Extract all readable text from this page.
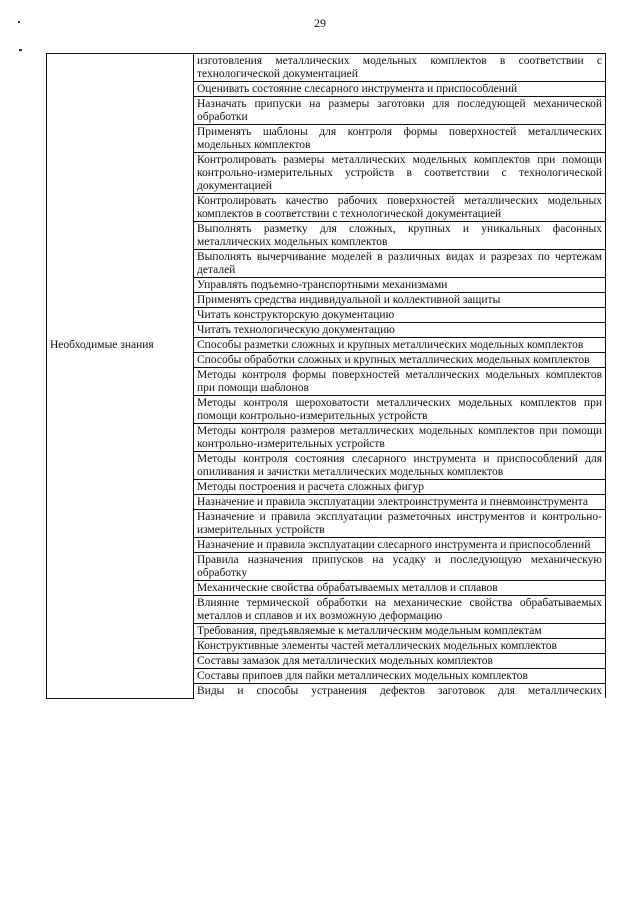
29
	изготовления металлических модельных комплектов в соответствии с технологической документацией
	Оценивать состояние слесарного инструмента и приспособлений
	Назначать припуски на размеры заготовки для последующей механической обработки
	Применять шаблоны для контроля формы поверхностей металлических модельных комплектов
	Контролировать размеры металлических модельных комплектов при помощи контрольно-измерительных устройств в соответствии с технологической документацией
	Контролировать качество рабочих поверхностей металлических модельных комплектов в соответствии с технологической документацией
	Выполнять разметку для сложных, крупных и уникальных фасонных металлических модельных комплектов
	Выполнять вычерчивание моделей в различных видах и разрезах по чертежам деталей
	Управлять подъемно-транспортными механизмами
	Применять средства индивидуальной и коллективной защиты
	Читать конструкторскую документацию
	Читать технологическую документацию
Необходимые знания	Способы разметки сложных и крупных металлических модельных комплектов
	Способы обработки сложных и крупных металлических модельных комплектов
	Методы контроля формы поверхностей металлических модельных комплектов при помощи шаблонов
	Методы контроля шероховатости металлических модельных комплектов при помощи контрольно-измерительных устройств
	Методы контроля размеров металлических модельных комплектов при помощи контрольно-измерительных устройств
	Методы контроля состояния слесарного инструмента и приспособлений для опиливания и зачистки металлических модельных комплектов
	Методы построения и расчета сложных фигур
	Назначение и правила эксплуатации электроинструмента и пневмоинструмента
	Назначение и правила эксплуатации разметочных инструментов и контрольно-измерительных устройств
	Назначение и правила эксплуатации слесарного инструмента и приспособлений
	Правила назначения припусков на усадку и последующую механическую обработку
	Механические свойства обрабатываемых металлов и сплавов
	Влияние термической обработки на механические свойства обрабатываемых металлов и сплавов и их возможную деформацию
	Требования, предъявляемые к металлическим модельным комплектам
	Конструктивные элементы частей металлических модельных комплектов
	Составы замазок для металлических модельных комплектов
	Составы припоев для пайки металлических модельных комплектов

	Виды и способы устранения дефектов заготовок для металлических
